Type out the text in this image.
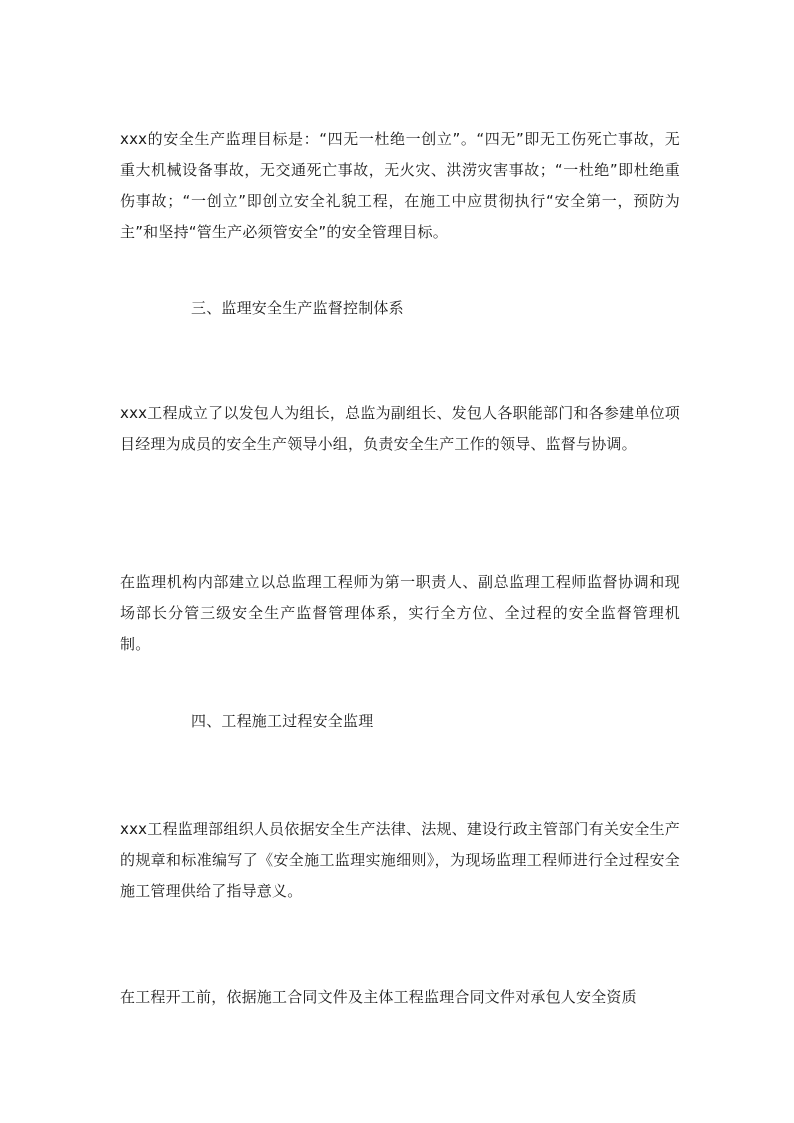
xxx的安全生产监理目标是：“四无一杜绝一创立”。“四无”即无工伤死亡事故，无重大机械设备事故，无交通死亡事故，无火灾、洪涝灾害事故；“一杜绝”即杜绝重伤事故；“一创立”即创立安全礼貌工程，在施工中应贯彻执行“安全第一，预防为主”和坚持“管生产必须管安全”的安全管理目标。

三、监理安全生产监督控制体系

xxx工程成立了以发包人为组长，总监为副组长、发包人各职能部门和各参建单位项目经理为成员的安全生产领导小组，负责安全生产工作的领导、监督与协调。

在监理机构内部建立以总监理工程师为第一职责人、副总监理工程师监督协调和现场部长分管三级安全生产监督管理体系，实行全方位、全过程的安全监督管理机制。

四、工程施工过程安全监理

xxx工程监理部组织人员依据安全生产法律、法规、建设行政主管部门有关安全生产的规章和标准编写了《安全施工监理实施细则》，为现场监理工程师进行全过程安全施工管理供给了指导意义。

在工程开工前，依据施工合同文件及主体工程监理合同文件对承包人安全资质
